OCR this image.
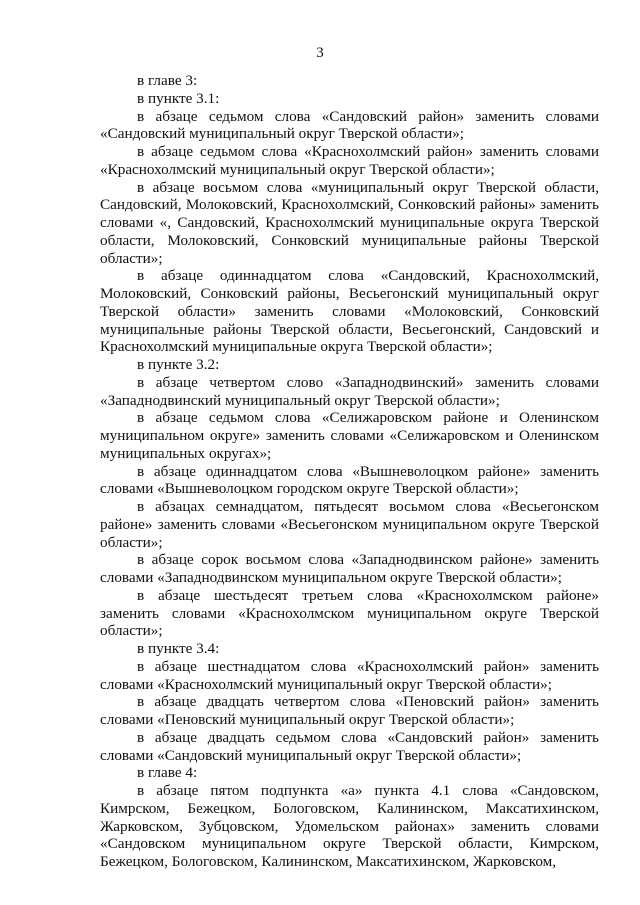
3

в главе 3:

в пункте 3.1:

в абзаце седьмом слова «Сандовский район» заменить словами «Сандовский муниципальный округ Тверской области»;

в абзаце седьмом слова «Краснохолмский район» заменить словами «Краснохолмский муниципальный округ Тверской области»;

в абзаце восьмом слова «муниципальный округ Тверской области, Сандовский, Молоковский, Краснохолмский, Сонковский районы» заменить словами «, Сандовский, Краснохолмский муниципальные округа Тверской области, Молоковский, Сонковский муниципальные районы Тверской области»;

в абзаце одиннадцатом слова «Сандовский, Краснохолмский, Молоковский, Сонковский районы, Весьегонский муниципальный округ Тверской области» заменить словами «Молоковский, Сонковский муниципальные районы Тверской области, Весьегонский, Сандовский и Краснохолмский муниципальные округа Тверской области»;

в пункте 3.2:

в абзаце четвертом слово «Западнодвинский» заменить словами «Западнодвинский муниципальный округ Тверской области»;

в абзаце седьмом слова «Селижаровском районе и Оленинском муниципальном округе» заменить словами «Селижаровском и Оленинском муниципальных округах»;

в абзаце одиннадцатом слова «Вышневолоцком районе» заменить словами «Вышневолоцком городском округе Тверской области»;

в абзацах семнадцатом, пятьдесят восьмом слова «Весьегонском районе» заменить словами «Весьегонском муниципальном округе Тверской области»;

в абзаце сорок восьмом слова «Западнодвинском районе» заменить словами «Западнодвинском муниципальном округе Тверской области»;

в абзаце шестьдесят третьем слова «Краснохолмском районе» заменить словами «Краснохолмском муниципальном округе Тверской области»;

в пункте 3.4:

в абзаце шестнадцатом слова «Краснохолмский район» заменить словами «Краснохолмский муниципальный округ Тверской области»;

в абзаце двадцать четвертом слова «Пеновский район» заменить словами «Пеновский муниципальный округ Тверской области»;

в абзаце двадцать седьмом слова «Сандовский район» заменить словами «Сандовский муниципальный округ Тверской области»;

в главе 4:

в абзаце пятом подпункта «а» пункта 4.1 слова «Сандовском, Кимрском, Бежецком, Бологовском, Калининском, Максатихинском, Жарковском, Зубцовском, Удомельском районах» заменить словами «Сандовском муниципальном округе Тверской области, Кимрском, Бежецком, Бологовском, Калининском, Максатихинском, Жарковском,
